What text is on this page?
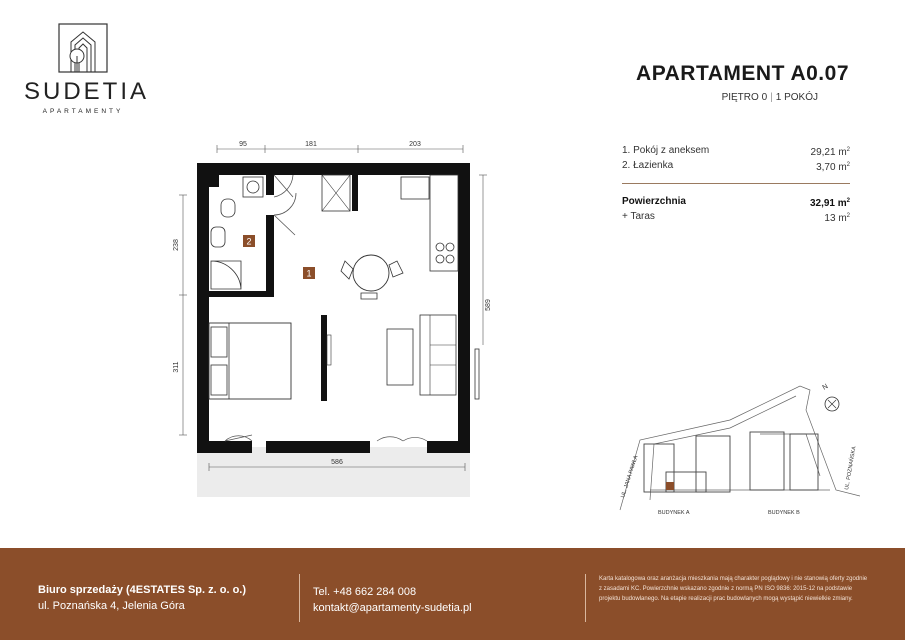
SUDETIA
APARTAMENTY
APARTAMENT A0.07
PIĘTRO 0 | 1 POKÓJ
1. Pokój z aneksem	29,21 $m^2$
2. Łazienka	3,70 $m^2$
Powierzchnia	32,91 $m^2$
+ Taras	13 $m^2$
2
1
95	181	203
238
311
589
586
N
UL. JANA PAWŁA	UL. POZNAŃSKA
BUDYNEK A	BUDYNEK B
Biuro sprzedaży (4ESTATES Sp. z. o. o.)
ul. Poznańska 4, Jelenia Góra
Tel. +48 662 284 008
kontakt@apartamenty-sudetia.pl
Karta katalogowa oraz aranżacja mieszkania mają charakter poglądowy i nie stanowią oferty zgodnie z zasadami KC. Powierzchnie wskazano zgodnie z normą PN ISO 9836: 2015-12 na podstawie projektu budowlanego. Na etapie realizacji prac budowlanych mogą wystąpić niewielkie zmiany.
